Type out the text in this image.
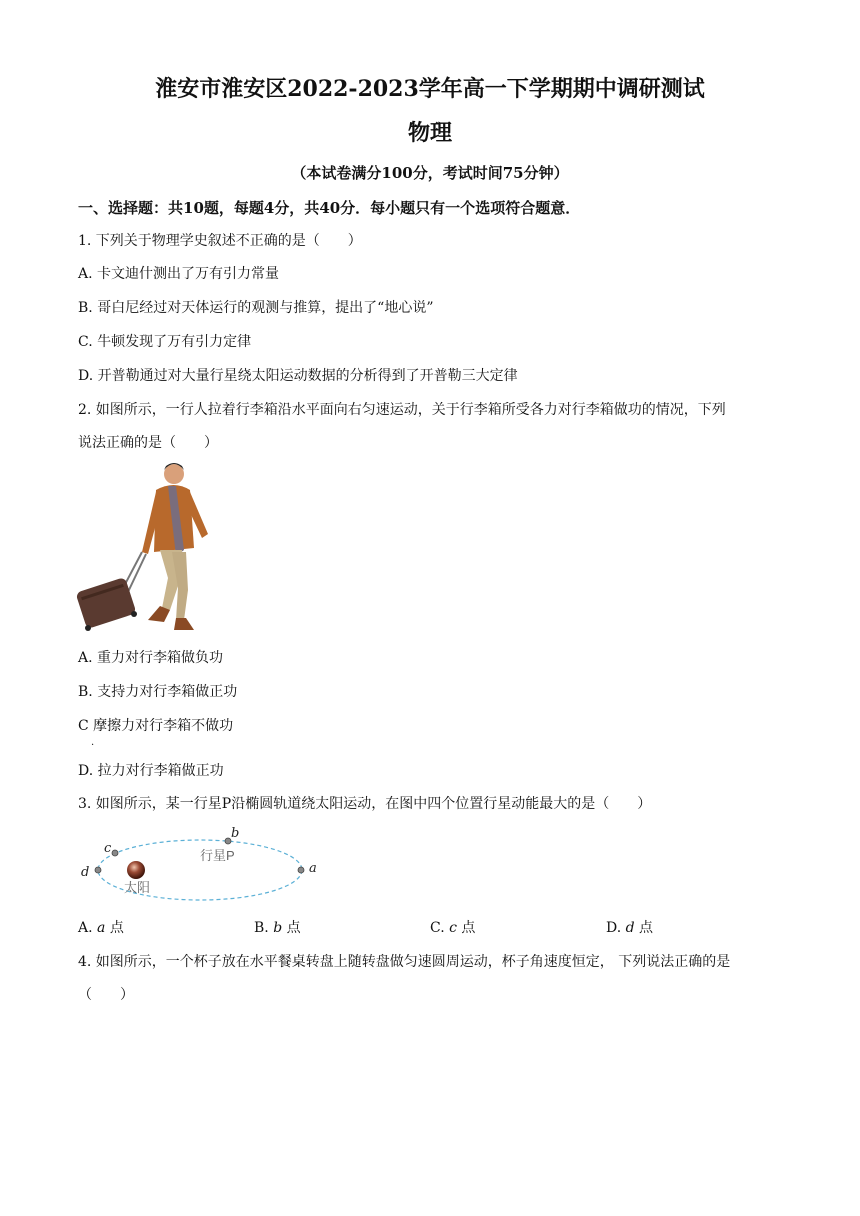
淮安市淮安区2022-2023学年高一下学期期中调研测试
物理
（本试卷满分100分，考试时间75分钟）
一、选择题：共10题，每题4分，共40分．每小题只有一个选项符合题意．
1. 下列关于物理学史叙述不正确的是（　　）
A. 卡文迪什测出了万有引力常量
B. 哥白尼经过对天体运行的观测与推算，提出了“地心说”
C. 牛顿发现了万有引力定律
D. 开普勒通过对大量行星绕太阳运动数据的分析得到了开普勒三大定律
2. 如图所示，一行人拉着行李箱沿水平面向右匀速运动，关于行李箱所受各力对行李箱做功的情况，下列
说法正确的是（　　）
A. 重力对行李箱做负功
B. 支持力对行李箱做正功
C 摩擦力对行李箱不做功
.
D. 拉力对行李箱做正功
3. 如图所示，某一行星P沿椭圆轨道绕太阳运动，在图中四个位置行星动能最大的是（　　）
太阳
a
b
c
d
行星P
A. a 点	B. b 点	C. c 点	D. d 点
4. 如图所示，一个杯子放在水平餐桌转盘上随转盘做匀速圆周运动，杯子角速度恒定， 下列说法正确的是
（　　）
